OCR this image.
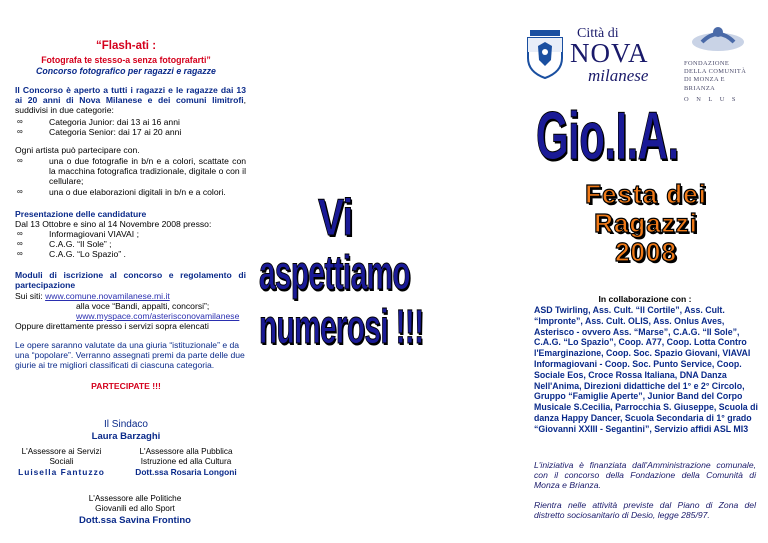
“Flash-ati :
Fotografa te stesso-a senza fotografarti”
Concorso fotografico per ragazzi e ragazze
Il Concorso è aperto a tutti i ragazzi e le ragazze dai 13 ai 20 anni di Nova Milanese e dei comuni limitrofi, suddivisi in due categorie:
∞	Categoria Junior: dai 13 ai 16 anni
∞	Categoria Senior: dai 17 ai 20 anni
Ogni artista può partecipare con.
∞	una o due fotografie in b/n e a colori, scattate con la macchina fotografica tradizionale, digitale o con il cellulare;
∞	una o due elaborazioni digitali in b/n e a colori.
Presentazione delle candidature
Dal 13 Ottobre e sino al 14 Novembre 2008 presso:
∞	Informagiovani VIAVAI ;
∞	C.A.G. “Il Sole” ;
∞	C.A.G. “Lo Spazio” .
Moduli di iscrizione al concorso e regolamento di partecipazione
Sui siti: www.comune.novamilanese.mi.it
alla voce “Bandi, appalti, concorsi”;
www.myspace.com/asterisconovamilanese
Oppure direttamente presso i servizi sopra elencati
Le opere saranno valutate da una giuria “istituzionale” e da una “popolare”. Verranno assegnati premi da parte delle due giurie ai tre migliori classificati di ciascuna categoria.
PARTECIPATE !!!
Il Sindaco
Laura Barzaghi
L'Assessore ai Servizi Sociali
Luisella Fantuzzo
L'Assessore alla Pubblica Istruzione ed alla Cultura
Dott.ssa Rosaria Longoni
L'Assessore alle Politiche Giovanili ed allo Sport
Dott.ssa Savina Frontino
Vi
aspettiamo
numerosi !!!
Città di
NOVA
milanese
FONDAZIONE
DELLA COMUNITÀ
DI MONZA E BRIANZA
O N L U S
Gio.I.A.
Festa dei
Ragazzi
2008
In collaborazione con :
ASD Twirling, Ass. Cult. “Il Cortile”, Ass. Cult. “Impronte”, Ass. Cult. OLIS, Ass. Onlus Aves, Asterisco - ovvero Ass. “Marse”, C.A.G. “Il Sole”, C.A.G. “Lo Spazio”, Coop. A77, Coop. Lotta Contro l'Emarginazione, Coop. Soc. Spazio Giovani, VIAVAI Informagiovani - Coop. Soc. Punto Service, Coop. Sociale Eos, Croce Rossa Italiana, DNA Danza Nell'Anima, Direzioni didattiche del 1° e 2° Circolo, Gruppo “Famiglie Aperte”, Junior Band del Corpo Musicale S.Cecilia, Parrocchia S. Giuseppe, Scuola di danza Happy Dancer, Scuola Secondaria di 1° grado “Giovanni XXIII - Segantini”, Servizio affidi ASL MI3
L'iniziativa è finanziata dall'Amministrazione comunale, con il concorso della Fondazione della Comunità di Monza e Brianza.
Rientra nelle attività previste dal Piano di Zona del distretto sociosanitario di Desio, legge 285/97.
